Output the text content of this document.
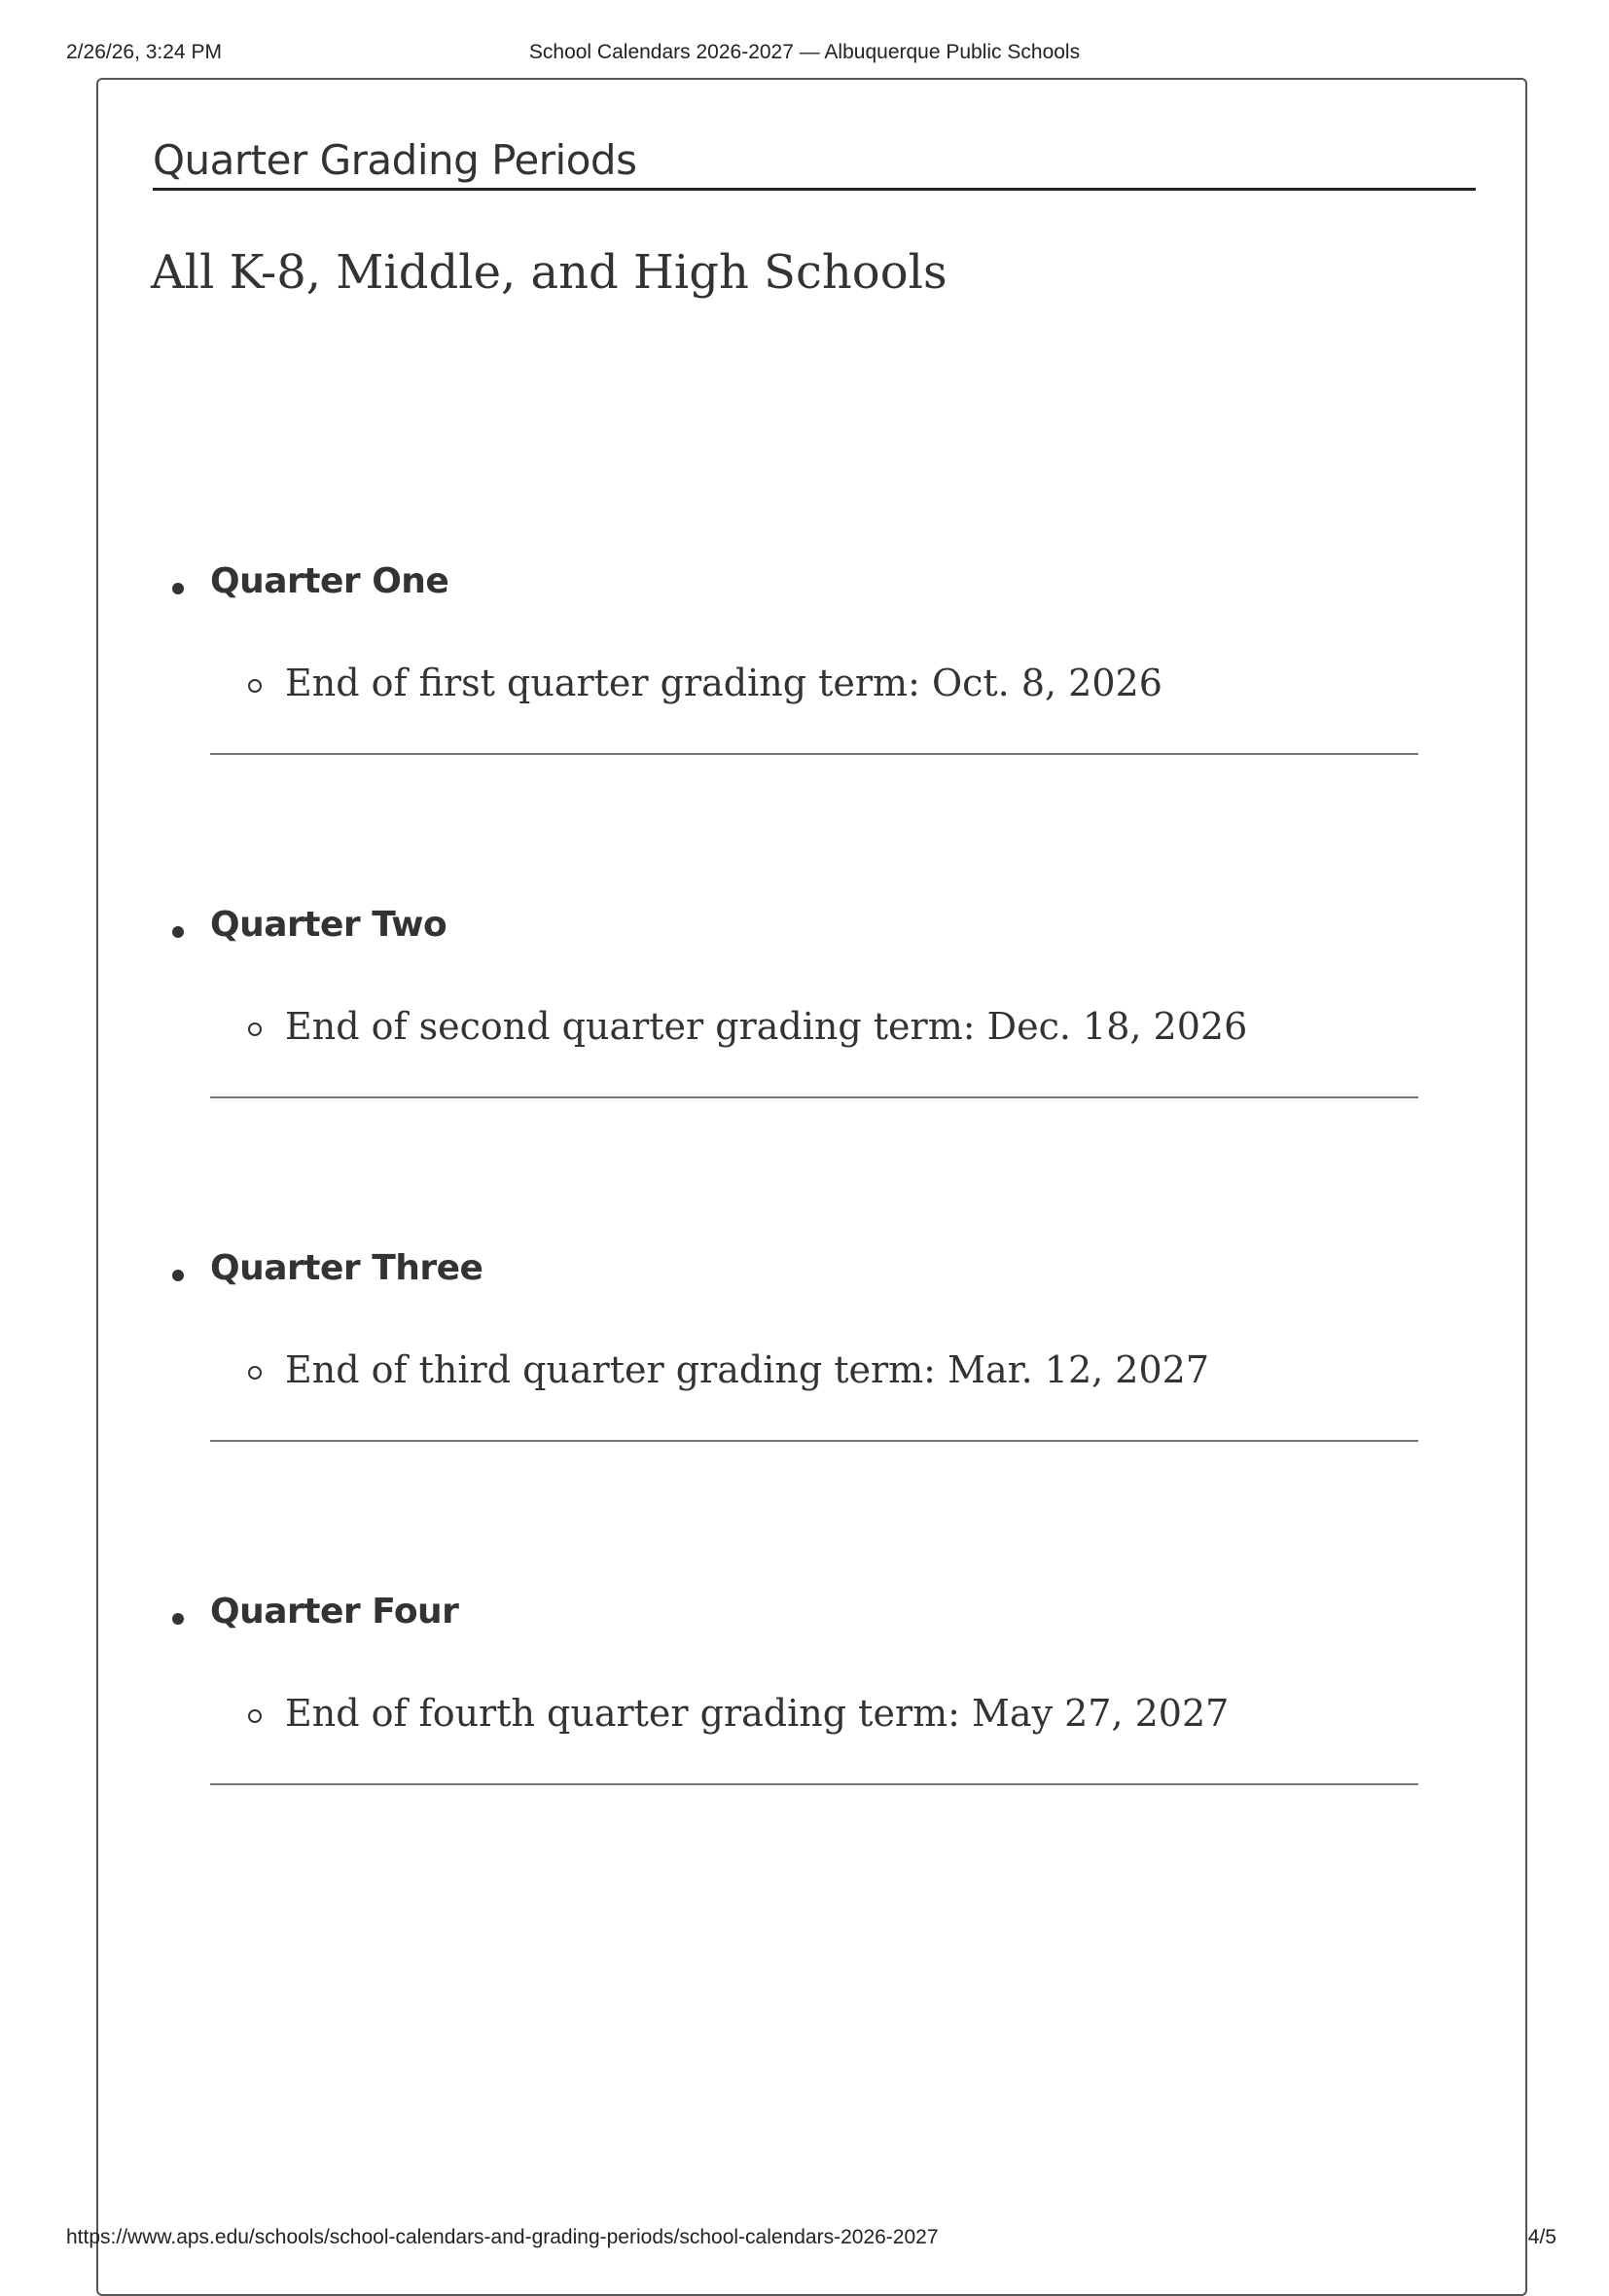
2/26/26, 3:24 PM	School Calendars 2026-2027 — Albuquerque Public Schools
Quarter Grading Periods
All K-8, Middle, and High Schools
Quarter One
End of first quarter grading term: Oct. 8, 2026
Quarter Two
End of second quarter grading term: Dec. 18, 2026
Quarter Three
End of third quarter grading term: Mar. 12, 2027
Quarter Four
End of fourth quarter grading term: May 27, 2027
https://www.aps.edu/schools/school-calendars-and-grading-periods/school-calendars-2026-2027	4/5
